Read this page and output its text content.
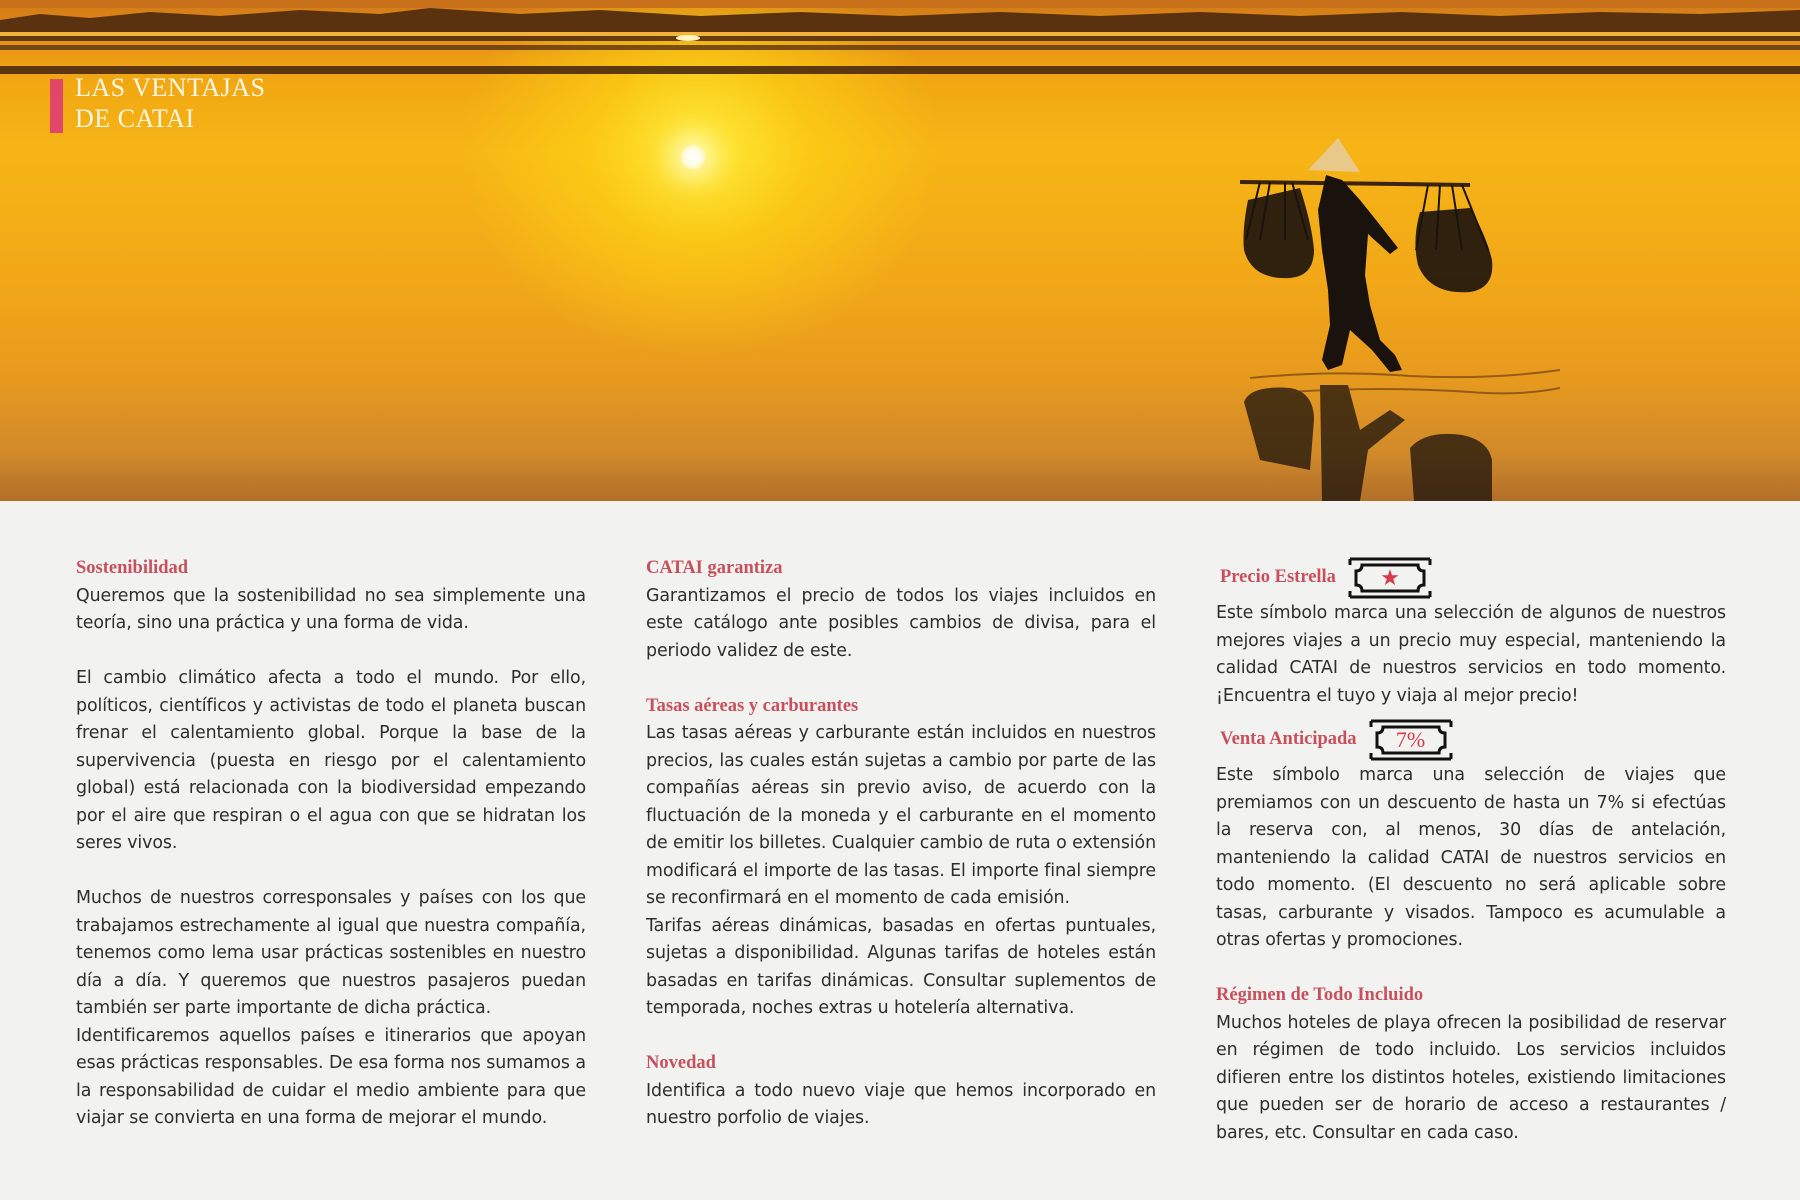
LAS VENTAJAS
DE CATAI
Sostenibilidad
Queremos que la sostenibilidad no sea simplemente una teoría, sino una práctica y una forma de vida.
El cambio climático afecta a todo el mundo. Por ello, políticos, científicos y activistas de todo el planeta buscan frenar el calentamiento global. Porque la base de la supervivencia (puesta en riesgo por el calentamiento global) está relacionada con la biodiversidad empezando por el aire que respiran o el agua con que se hidratan los seres vivos.
Muchos de nuestros corresponsales y países con los que trabajamos estrechamente al igual que nuestra compañía, tenemos como lema usar prácticas sostenibles en nuestro día a día. Y queremos que nuestros pasajeros puedan también ser parte importante de dicha práctica.
Identificaremos aquellos países e itinerarios que apoyan esas prácticas responsables. De esa forma nos sumamos a la responsabilidad de cuidar el medio ambiente para que viajar se convierta en una forma de mejorar el mundo.
CATAI garantiza
Garantizamos el precio de todos los viajes incluidos en este catálogo ante posibles cambios de divisa, para el periodo validez de este.
Tasas aéreas y carburantes
Las tasas aéreas y carburante están incluidos en nuestros precios, las cuales están sujetas a cambio por parte de las compañías aéreas sin previo aviso, de acuerdo con la fluctuación de la moneda y el carburante en el momento de emitir los billetes. Cualquier cambio de ruta o extensión modificará el importe de las tasas. El importe final siempre se reconfirmará en el momento de cada emisión.
Tarifas aéreas dinámicas, basadas en ofertas puntuales, sujetas a disponibilidad. Algunas tarifas de hoteles están basadas en tarifas dinámicas. Consultar suplementos de temporada, noches extras u hotelería alternativa.
Novedad
Identifica a todo nuevo viaje que hemos incorporado en nuestro porfolio de viajes.
Precio Estrella	★
Este símbolo marca una selección de algunos de nuestros mejores viajes a un precio muy especial, manteniendo la calidad CATAI de nuestros servicios en todo momento. ¡Encuentra el tuyo y viaja al mejor precio!
Venta Anticipada	7%
Este símbolo marca una selección de viajes que premiamos con un descuento de hasta un 7% si efectúas la reserva con, al menos, 30 días de antelación, manteniendo la calidad CATAI de nuestros servicios en todo momento. (El descuento no será aplicable sobre tasas, carburante y visados. Tampoco es acumulable a otras ofertas y promociones.
Régimen de Todo Incluido
Muchos hoteles de playa ofrecen la posibilidad de reservar en régimen de todo incluido. Los servicios incluidos difieren entre los distintos hoteles, existiendo limitaciones que pueden ser de horario de acceso a restaurantes / bares, etc. Consultar en cada caso.
